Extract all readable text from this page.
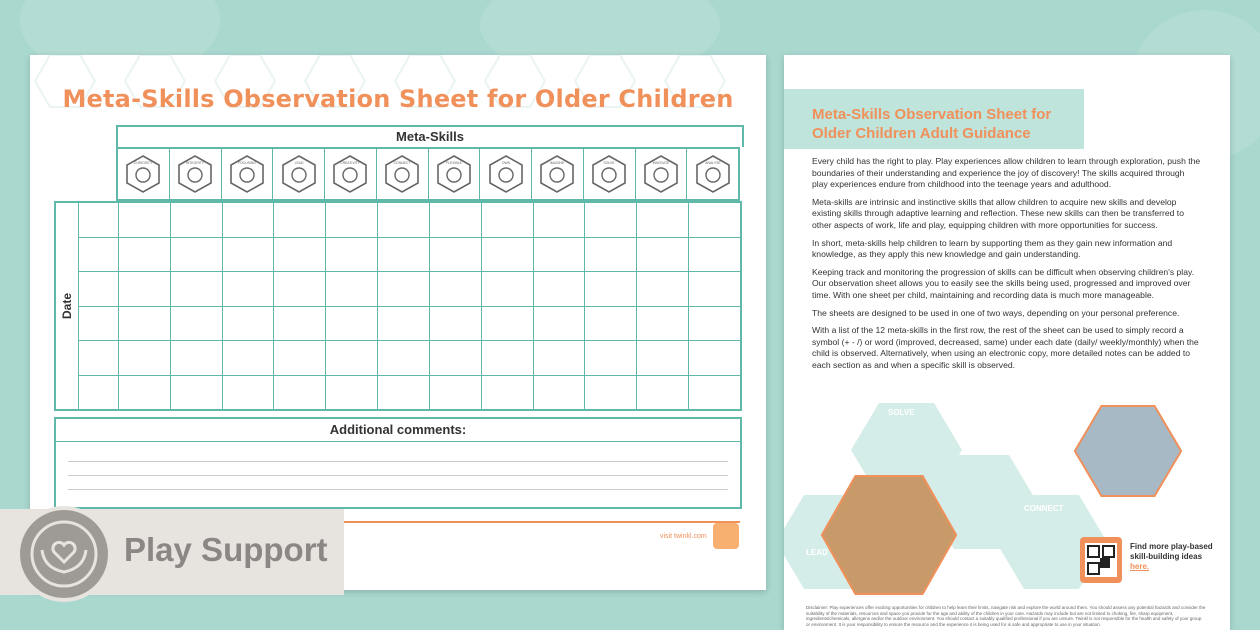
Meta-Skills Observation Sheet for Older Children
Meta-Skills
CURIOSITY	INTEGRITY	FOCUSING	LEAD	CREATIVITY	CONNECT	FLEXIBLE	OWN	IMAGINE	SOLVE	INNOVATE	ANALYSE
Date
Additional comments:
visit twinkl.com
Meta-Skills Observation Sheet for
Older Children Adult Guidance

Every child has the right to play. Play experiences allow children to learn through exploration, push the boundaries of their understanding and experience the joy of discovery! The skills acquired through play experiences endure from childhood into the teenage years and adulthood.

Meta-skills are intrinsic and instinctive skills that allow children to acquire new skills and develop existing skills through adaptive learning and reflection. These new skills can then be transferred to other aspects of work, life and play, equipping children with more opportunities for success.

In short, meta-skills help children to learn by supporting them as they gain new information and knowledge, as they apply this new knowledge and gain understanding.

Keeping track and monitoring the progression of skills can be difficult when observing children's play. Our observation sheet allows you to easily see the skills being used, progressed and improved over time. With one sheet per child, maintaining and recording data is much more manageable.

The sheets are designed to be used in one of two ways, depending on your personal preference.

With a list of the 12 meta-skills in the first row, the rest of the sheet can be used to simply record a symbol (+ - /) or word (improved, decreased, same) under each date (daily/ weekly/monthly) when the child is observed. Alternatively, when using an electronic copy, more detailed notes can be added to each section as and when a specific skill is observed.

SOLVE
CONNECT
LEAD
Find more play-based skill-building ideas here.
Disclaimer: Play experiences offer exciting opportunities for children to help learn their limits, navigate risk and explore the world around them. You should assess any potential hazards and consider the suitability of the materials, resources and space you provide for the age and ability of the children in your care. Hazards may include but are not limited to choking, fire, sharp equipment, ingredients/chemicals, allergens and/or the outdoor environment. You should contact a suitably qualified professional if you are unsure. Twinkl is not responsible for the health and safety of your group or environment. It is your responsibility to ensure the resource and the experience it is being used for is safe and appropriate to use in your situation.
Play Support
